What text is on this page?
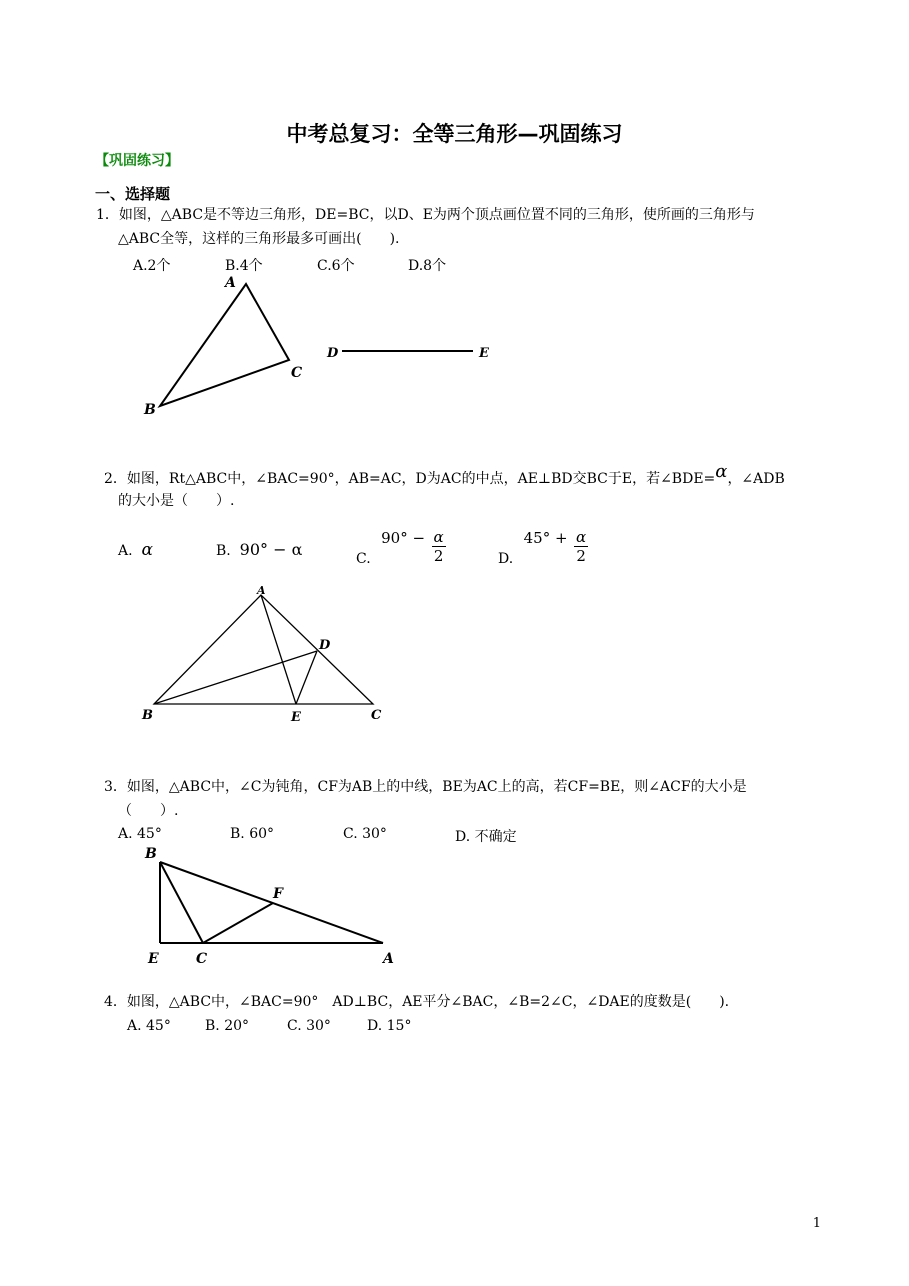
中考总复习：全等三角形—巩固练习
【巩固练习】
一、选择题
1．如图，△ABC是不等边三角形，DE=BC，以D、E为两个顶点画位置不同的三角形，使所画的三角形与
△ABC全等，这样的三角形最多可画出(　　).
A.2个	B.4个	C.6个	D.8个
A
B
C
D	E
2．如图，Rt△ABC中，∠BAC=90°，AB=AC，D为AC的中点，AE⊥BD交BC于E，若∠BDE=α，∠ADB
的大小是（　　）.
A. α	B. 90° − α	C. $90^\circ - \frac{\alpha}{2}$	D. $45^\circ + \frac{\alpha}{2}$
A
B	C
D
E
3．如图，△ABC中，∠C为钝角，CF为AB上的中线，BE为AC上的高，若CF=BE，则∠ACF的大小是
（　　）.
A. 45°	B. 60°	C. 30°	D. 不确定
B
F
E	C	A
4．如图，△ABC中，∠BAC=90°　AD⊥BC，AE平分∠BAC，∠B=2∠C，∠DAE的度数是(　　).
A. 45° B. 20°	C. 30°	D. 15°
1
